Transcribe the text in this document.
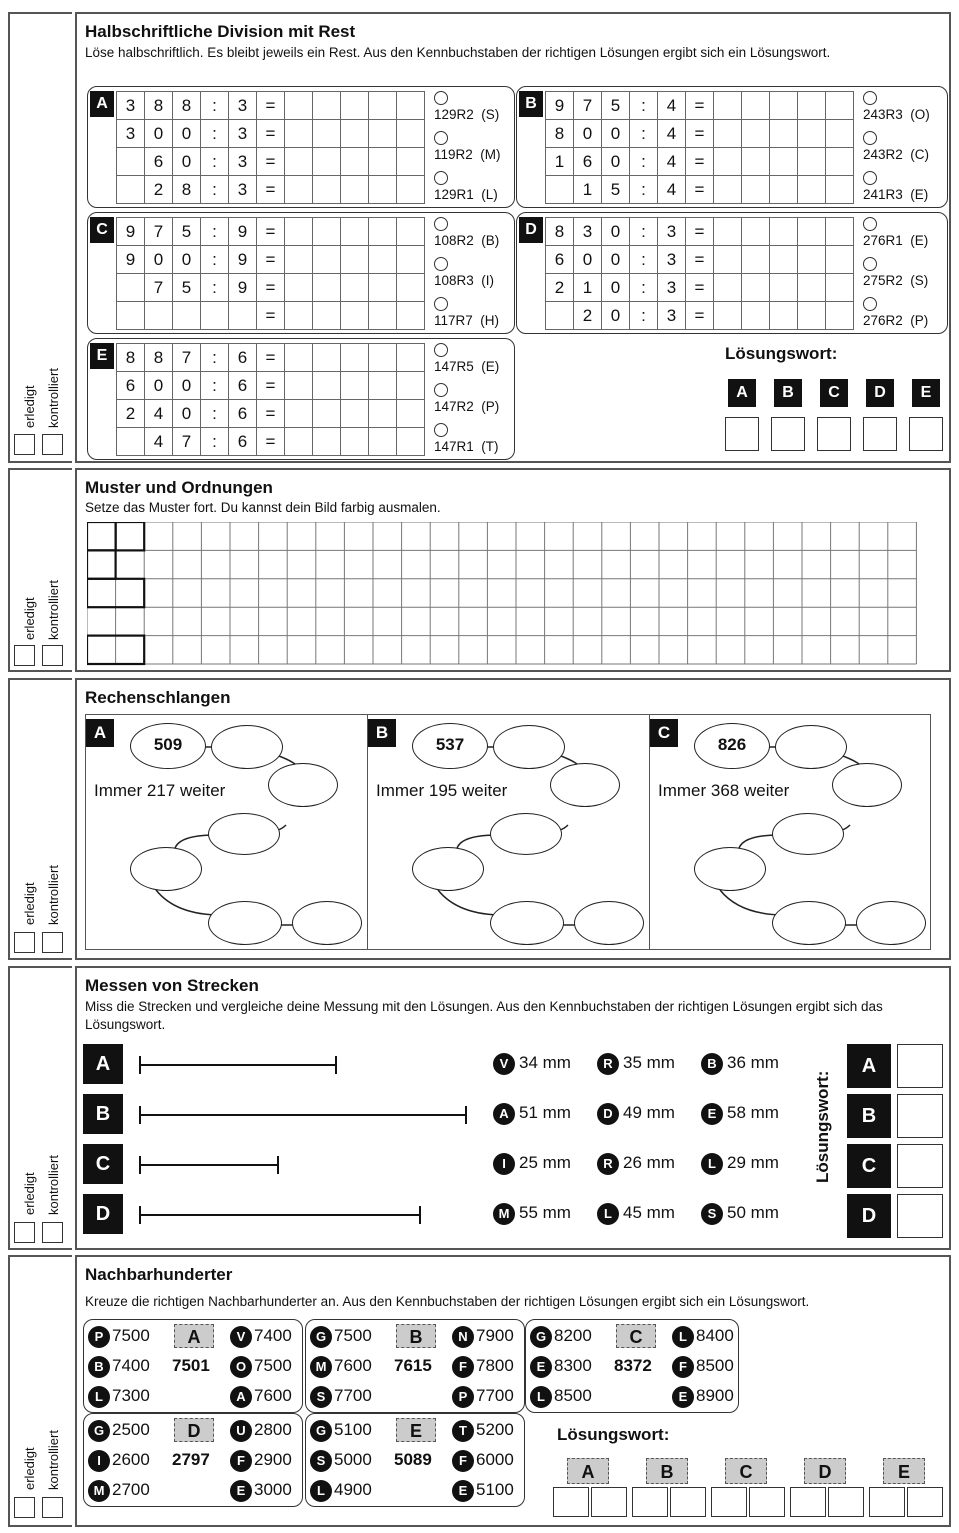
erledigt kontrolliert
Halbschriftliche Division mit Rest
Löse halbschriftlich. Es bleibt jeweils ein Rest. Aus den Kennbuchstaben der richtigen Lösungen ergibt sich ein Lösungswort.
A	3	8	8	:	3	=					
3	0	0	:	3	=					
	6	0	:	3	=					
	2	8	:	3	=					
129R2  (S)
119R2  (M)
129R1  (L)
B	9	7	5	:	4	=					
8	0	0	:	4	=					
1	6	0	:	4	=					
	1	5	:	4	=					
243R3  (O)
243R2  (C)
241R3  (E)
C	9	7	5	:	9	=					
9	0	0	:	9	=					
	7	5	:	9	=					
					=					
108R2  (B)
108R3  (I)
117R7  (H)
D	8	3	0	:	3	=					
6	0	0	:	3	=					
2	1	0	:	3	=					
	2	0	:	3	=					
276R1  (E)
275R2  (S)
276R2  (P)
E	8	8	7	:	6	=					
6	0	0	:	6	=					
2	4	0	:	6	=					
	4	7	:	6	=					
147R5  (E)
147R2  (P)
147R1  (T)
Lösungswort:
A	B	C	D	E
erledigt kontrolliert
Muster und Ordnungen
Setze das Muster fort. Du kannst dein Bild farbig ausmalen.
erledigt kontrolliert
Rechenschlangen
A
509
Immer 217 weiter
B
537
Immer 195 weiter
C
826
Immer 368 weiter
erledigt kontrolliert
Messen von Strecken
Miss die Strecken und vergleiche deine Messung mit den Lösungen. Aus den Kennbuchstaben der richtigen Lösungen ergibt sich das Lösungswort.
A	V 34 mm	R 35 mm	B 36 mm
B	A 51 mm	D 49 mm	E 58 mm
C	I 25 mm	R 26 mm	L 29 mm
D	M 55 mm	L 45 mm	S 50 mm
Lösungswort:
A
B
C
D
erledigt kontrolliert
Nachbarhunderter
Kreuze die richtigen Nachbarhunderter an. Aus den Kennbuchstaben der richtigen Lösungen ergibt sich ein Lösungswort.
A
7501
P 7500
B 7400
L 7300
V 7400
O 7500
A 7600
B
7615
G 7500
M 7600
S 7700
N 7900
F 7800
P 7700
C
8372
G 8200
E 8300
L 8500
L 8400
F 8500
E 8900
D
2797
G 2500
I 2600
M 2700
U 2800
F 2900
E 3000
E
5089
G 5100
S 5000
L 4900
T 5200
F 6000
E 5100
Lösungswort:
A	B	C	D	E
